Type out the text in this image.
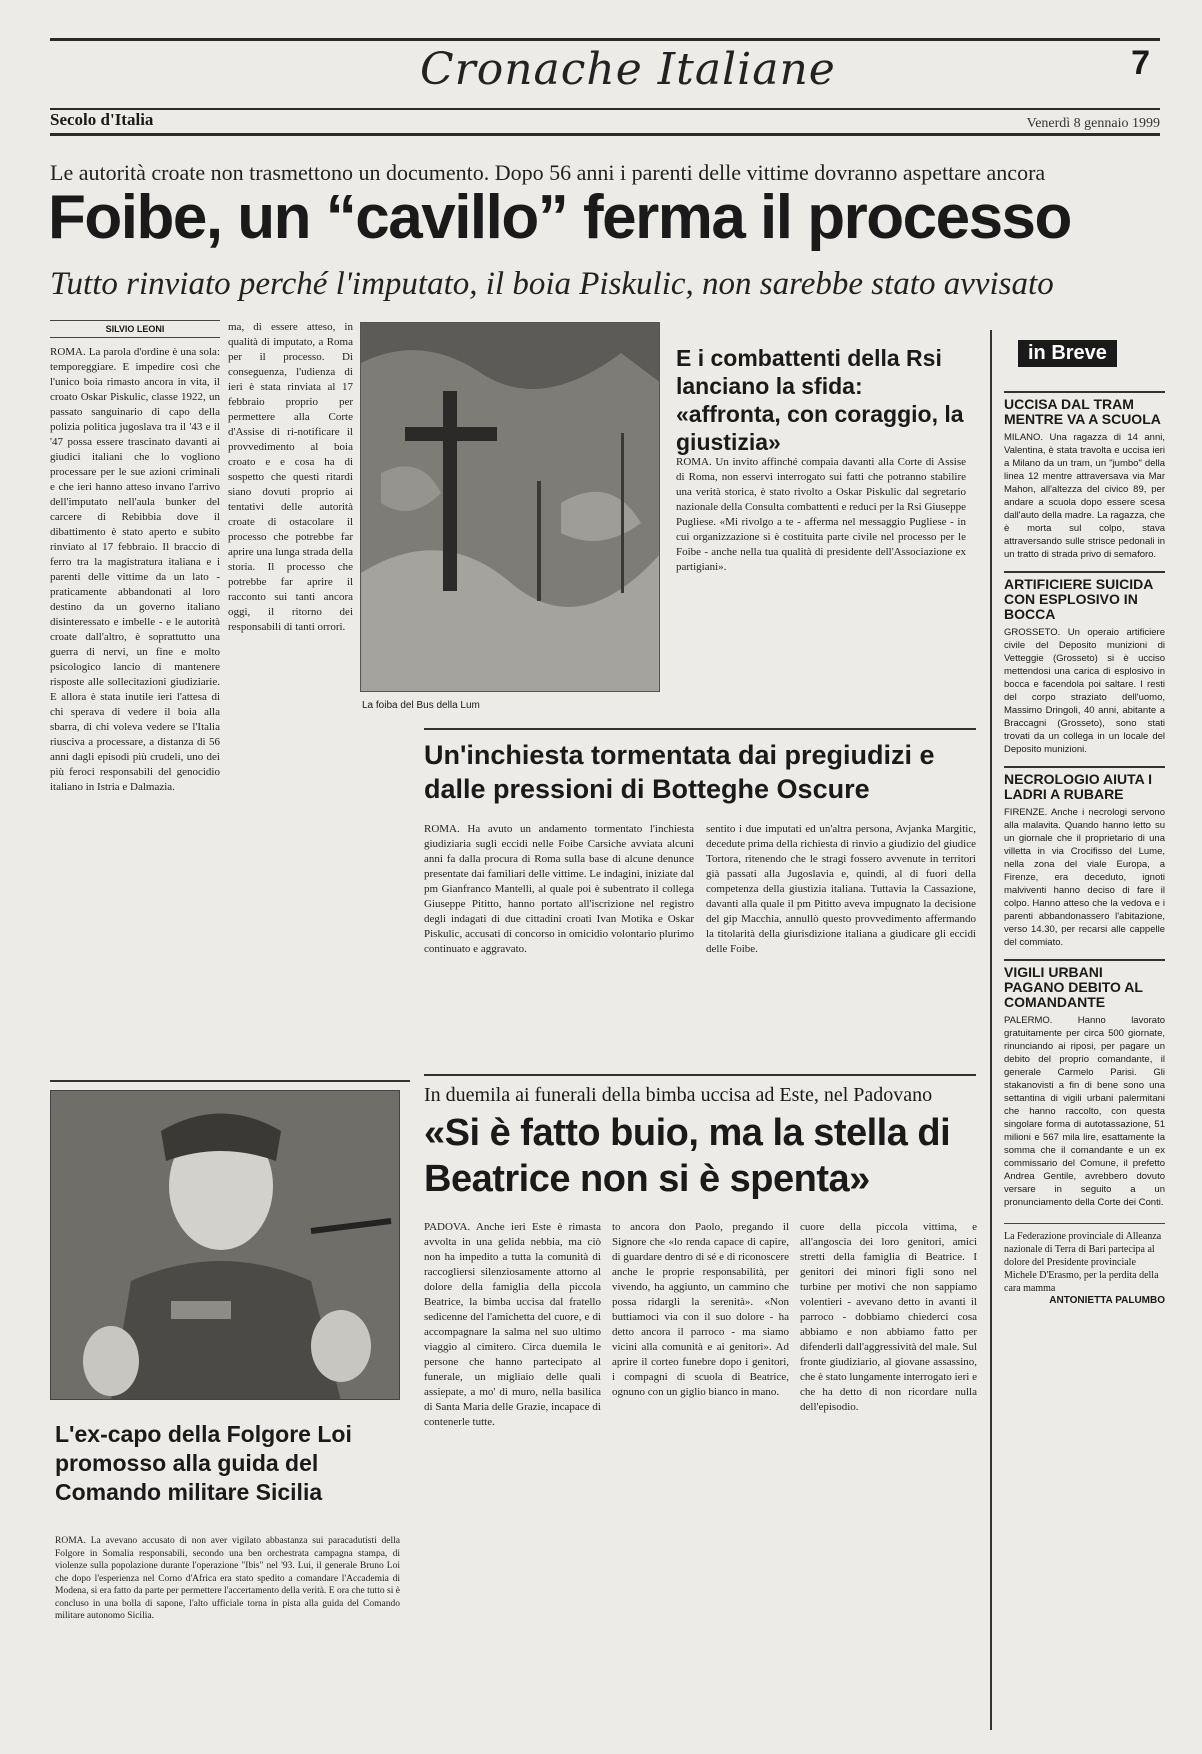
Cronache Italiane	7
Secolo d'Italia	Venerdì 8 gennaio 1999
Le autorità croate non trasmettono un documento. Dopo 56 anni i parenti delle vittime dovranno aspettare ancora
Foibe, un “cavillo” ferma il processo
Tutto rinviato perché l'imputato, il boia Piskulic, non sarebbe stato avvisato
SILVIO LEONI
ROMA. La parola d'ordine è una sola: temporeggiare. E impedire così che l'unico boia rimasto ancora in vita, il croato Oskar Piskulic, classe 1922, un passato sanguinario di capo della polizia politica jugoslava tra il '43 e il '47 possa essere trascinato davanti ai giudici italiani che lo vogliono processare per le sue azioni criminali e che ieri hanno atteso invano l'arrivo dell'imputato nell'aula bunker del carcere di Rebibbia dove il dibattimento è stato aperto e subito rinviato al 17 febbraio. Il braccio di ferro tra la magistratura italiana e i parenti delle vittime da un lato - praticamente abbandonati al loro destino da un governo italiano disinteressato e imbelle - e le autorità croate dall'altro, è soprattutto una guerra di nervi, un fine e molto psicologico lancio di mantenere risposte alle sollecitazioni giudiziarie. E allora è stata inutile ieri l'attesa di chi sperava di vedere il boia alla sbarra, di chi voleva vedere se l'Italia riusciva a processare, a distanza di 56 anni dagli episodi più crudeli, uno dei più feroci responsabili del genocidio italiano in Istria e Dalmazia.
ma, di essere atteso, in qualità di imputato, a Roma per il processo. Di conseguenza, l'udienza di ieri è stata rinviata al 17 febbraio proprio per permettere alla Corte d'Assise di ri-notificare il provvedimento al boia croato e e cosa ha di sospetto che questi ritardi siano dovuti proprio ai tentativi delle autorità croate di ostacolare il processo che potrebbe far aprire una lunga strada della storia. Il processo che potrebbe far aprire il racconto sui tanti ancora oggi, il ritorno dei responsabili di tanti orrori.
La foiba del Bus della Lum
E i combattenti della Rsi lanciano la sfida: «affronta, con coraggio, la giustizia»
ROMA. Un invito affinché compaia davanti alla Corte di Assise di Roma, non esservi interrogato sui fatti che potranno stabilire una verità storica, è stato rivolto a Oskar Piskulic dal segretario nazionale della Consulta combattenti e reduci per la Rsi Giuseppe Pugliese. «Mi rivolgo a te - afferma nel messaggio Pugliese - in cui organizzazione si è costituita parte civile nel processo per le Foibe - anche nella tua qualità di presidente dell'Associazione ex partigiani».
Un'inchiesta tormentata dai pregiudizi e dalle pressioni di Botteghe Oscure
ROMA. Ha avuto un andamento tormentato l'inchiesta giudiziaria sugli eccidi nelle Foibe Carsiche avviata alcuni anni fa dalla procura di Roma sulla base di alcune denunce presentate dai familiari delle vittime. Le indagini, iniziate dal pm Gianfranco Mantelli, al quale poi è subentrato il collega Giuseppe Pititto, hanno portato all'iscrizione nel registro degli indagati di due cittadini croati Ivan Motika e Oskar Piskulic, accusati di concorso in omicidio volontario plurimo continuato e aggravato.
sentito i due imputati ed un'altra persona, Avjanka Margitic, decedute prima della richiesta di rinvio a giudizio del giudice Tortora, ritenendo che le stragi fossero avvenute in territori già passati alla Jugoslavia e, quindi, al di fuori della competenza della giustizia italiana. Tuttavia la Cassazione, davanti alla quale il pm Pititto aveva impugnato la decisione del gip Macchia, annullò questo provvedimento affermando la titolarità della giurisdizione italiana a giudicare gli eccidi delle Foibe.
in Breve
UCCISA DAL TRAM MENTRE VA A SCUOLA
MILANO. Una ragazza di 14 anni, Valentina, è stata travolta e uccisa ieri a Milano da un tram, un "jumbo" della linea 12 mentre attraversava via Mar Mahon, all'altezza del civico 89, per andare a scuola dopo essere scesa dall'auto della madre. La ragazza, che è morta sul colpo, stava attraversando sulle strisce pedonali in un tratto di strada privo di semaforo.
ARTIFICIERE SUICIDA CON ESPLOSIVO IN BOCCA
GROSSETO. Un operaio artificiere civile del Deposito munizioni di Vetteggie (Grosseto) si è ucciso mettendosi una carica di esplosivo in bocca e facendola poi saltare. I resti del corpo straziato dell'uomo, Massimo Dringoli, 40 anni, abitante a Braccagni (Grosseto), sono stati trovati da un collega in un locale del Deposito munizioni.
NECROLOGIO AIUTA I LADRI A RUBARE
FIRENZE. Anche i necrologi servono alla malavita. Quando hanno letto su un giornale che il proprietario di una villetta in via Crocifisso del Lume, nella zona del viale Europa, a Firenze, era deceduto, ignoti malviventi hanno deciso di fare il colpo. Hanno atteso che la vedova e i parenti abbandonassero l'abitazione, verso 14.30, per recarsi alle cappelle del commiato.
VIGILI URBANI PAGANO DEBITO AL COMANDANTE
PALERMO. Hanno lavorato gratuitamente per circa 500 giornate, rinunciando ai riposi, per pagare un debito del proprio comandante, il generale Carmelo Parisi. Gli stakanovisti a fin di bene sono una settantina di vigili urbani palermitani che hanno raccolto, con questa singolare forma di autotassazione, 51 milioni e 567 mila lire, esattamente la somma che il comandante e un ex commissario del Comune, il prefetto Andrea Gentile, avrebbero dovuto versare in seguito a un pronunciamento della Corte dei Conti.
La Federazione provinciale di Alleanza nazionale di Terra di Bari partecipa al dolore del Presidente provinciale Michele D'Erasmo, per la perdita della cara mamma
ANTONIETTA PALUMBO
L'ex-capo della Folgore Loi promosso alla guida del Comando militare Sicilia
ROMA. La avevano accusato di non aver vigilato abbastanza sui paracadutisti della Folgore in Somalia responsabili, secondo una ben orchestrata campagna stampa, di violenze sulla popolazione durante l'operazione "Ibis" nel '93. Lui, il generale Bruno Loi che dopo l'esperienza nel Corno d'Africa era stato spedito a comandare l'Accademia di Modena, si era fatto da parte per permettere l'accertamento della verità. E ora che tutto si è concluso in una bolla di sapone, l'alto ufficiale torna in pista alla guida del Comando militare autonomo Sicilia.
In duemila ai funerali della bimba uccisa ad Este, nel Padovano
«Si è fatto buio, ma la stella di Beatrice non si è spenta»
PADOVA. Anche ieri Este è rimasta avvolta in una gelida nebbia, ma ciò non ha impedito a tutta la comunità di raccogliersi silenziosamente attorno al dolore della famiglia della piccola Beatrice, la bimba uccisa dal fratello sedicenne del l'amichetta del cuore, e di accompagnare la salma nel suo ultimo viaggio al cimitero. Circa duemila le persone che hanno partecipato al funerale, un migliaio delle quali assiepate, a mo' di muro, nella basilica di Santa Maria delle Grazie, incapace di contenerle tutte.
to ancora don Paolo, pregando il Signore che «lo renda capace di capire, di guardare dentro di sé e di riconoscere anche le proprie responsabilità, per vivendo, ha aggiunto, un cammino che possa ridargli la serenità». «Non buttiamoci via con il suo dolore - ha detto ancora il parroco - ma siamo vicini alla comunità e ai genitori». Ad aprire il corteo funebre dopo i genitori, i compagni di scuola di Beatrice, ognuno con un giglio bianco in mano.
cuore della piccola vittima, e all'angoscia dei loro genitori, amici stretti della famiglia di Beatrice. I genitori dei minori figli sono nel turbine per motivi che non sappiamo volentieri - avevano detto in avanti il parroco - dobbiamo chiederci cosa abbiamo e non abbiamo fatto per difenderli dall'aggressività del male. Sul fronte giudiziario, al giovane assassino, che è stato lungamente interrogato ieri e che ha detto di non ricordare nulla dell'episodio.
